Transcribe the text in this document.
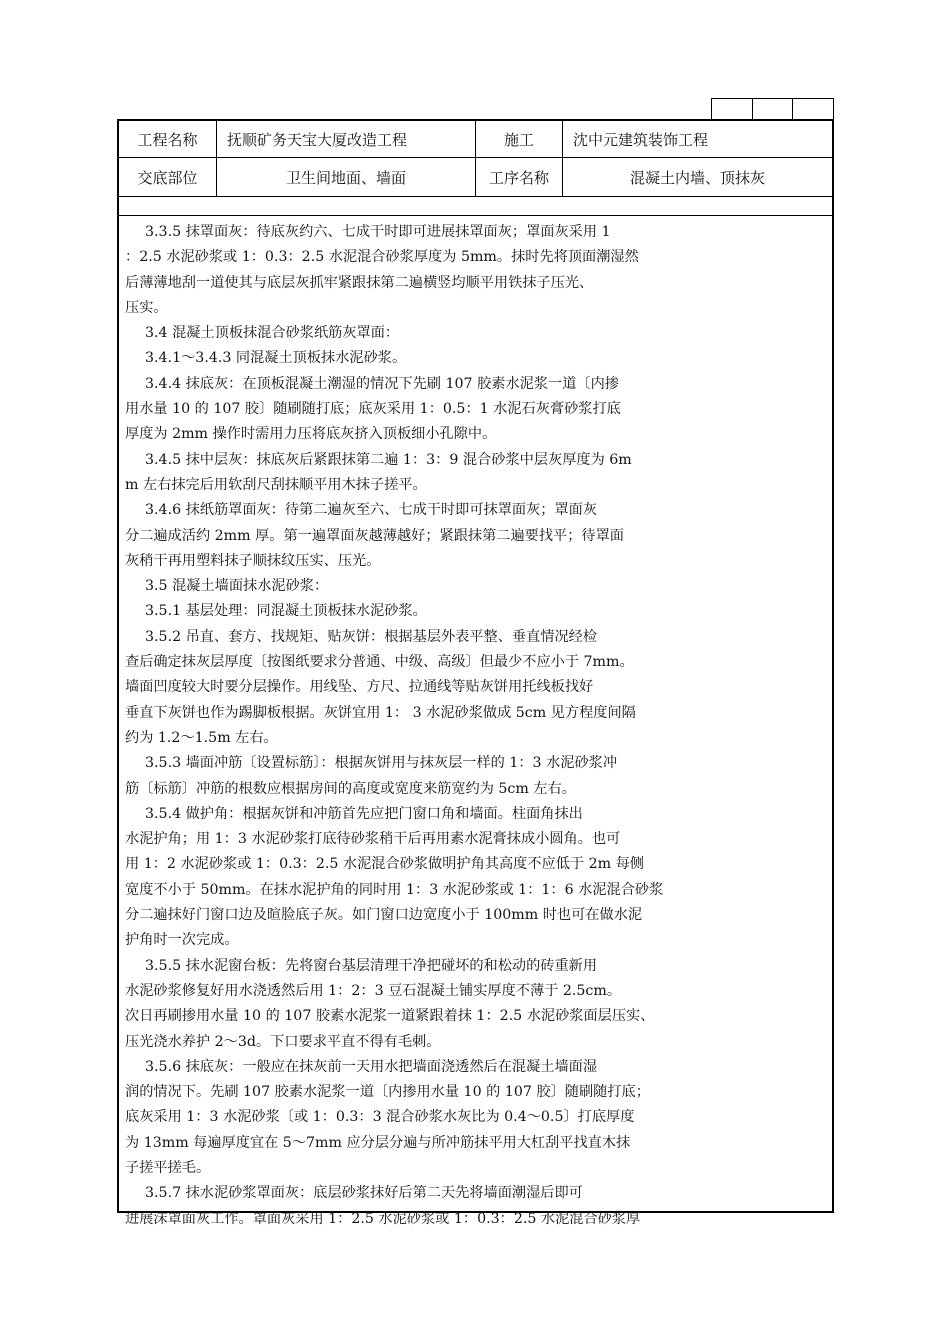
工程名称	抚顺矿务天宝大厦改造工程	施工	沈中元建筑装饰工程
交底部位	卫生间地面、墙面	工序名称	混凝土内墙、顶抹灰

3.3.5 抹罩面灰：待底灰约六、七成干时即可进展抹罩面灰；罩面灰采用 1

：2.5 水泥砂浆或 1：0.3：2.5 水泥混合砂浆厚度为 5mm。抹时先将顶面潮湿然

后薄薄地刮一道使其与底层灰抓牢紧跟抹第二遍横竖均顺平用铁抹子压光、

压实。

3.4 混凝土顶板抹混合砂浆纸筋灰罩面：

3.4.1～3.4.3 同混凝土顶板抹水泥砂浆。

3.4.4 抹底灰：在顶板混凝土潮湿的情况下先刷 107 胶素水泥浆一道〔内掺

用水量 10 的 107 胶〕随刷随打底；底灰采用 1：0.5：1 水泥石灰膏砂浆打底

厚度为 2mm 操作时需用力压将底灰挤入顶板细小孔隙中。

3.4.5 抹中层灰：抹底灰后紧跟抹第二遍 1：3：9 混合砂浆中层灰厚度为 6m

m 左右抹完后用软刮尺刮抹顺平用木抹子搓平。

3.4.6 抹纸筋罩面灰：待第二遍灰至六、七成干时即可抹罩面灰；罩面灰

分二遍成活约 2mm 厚。第一遍罩面灰越薄越好；紧跟抹第二遍要找平；待罩面

灰稍干再用塑料抹子顺抹纹压实、压光。

3.5 混凝土墙面抹水泥砂浆：

3.5.1 基层处理：同混凝土顶板抹水泥砂浆。

3.5.2 吊直、套方、找规矩、贴灰饼：根据基层外表平整、垂直情况经检

查后确定抹灰层厚度〔按图纸要求分普通、中级、高级〕但最少不应小于 7mm。

墙面凹度较大时要分层操作。用线坠、方尺、拉通线等贴灰饼用托线板找好

垂直下灰饼也作为踢脚板根据。灰饼宜用 1： 3 水泥砂浆做成 5cm 见方程度间隔

约为 1.2～1.5m 左右。

3.5.3 墙面冲筋〔设置标筋〕：根据灰饼用与抹灰层一样的 1：3 水泥砂浆冲

筋〔标筋〕冲筋的根数应根据房间的高度或宽度来筋宽约为 5cm 左右。

3.5.4 做护角：根据灰饼和冲筋首先应把门窗口角和墙面。柱面角抹出

水泥护角；用 1：3 水泥砂浆打底待砂浆稍干后再用素水泥膏抹成小圆角。也可

用 1：2 水泥砂浆或 1：0.3：2.5 水泥混合砂浆做明护角其高度不应低于 2m 每侧

宽度不小于 50mm。在抹水泥护角的同时用 1：3 水泥砂浆或 1：1：6 水泥混合砂浆

分二遍抹好门窗口边及暄脸底子灰。如门窗口边宽度小于 100mm 时也可在做水泥

护角时一次完成。

3.5.5 抹水泥窗台板：先将窗台基层清理干净把碰坏的和松动的砖重新用

水泥砂浆修复好用水浇透然后用 1：2：3 豆石混凝土铺实厚度不薄于 2.5cm。

次日再刷掺用水量 10 的 107 胶素水泥浆一道紧跟着抹 1：2.5 水泥砂浆面层压实、

压光浇水养护 2～3d。下口要求平直不得有毛刺。

3.5.6 抹底灰：一般应在抹灰前一天用水把墙面浇透然后在混凝土墙面湿

润的情况下。先刷 107 胶素水泥浆一道〔内掺用水量 10 的 107 胶〕随刷随打底；

底灰采用 1：3 水泥砂浆〔或 1：0.3：3 混合砂浆水灰比为 0.4～0.5〕打底厚度

为 13mm 每遍厚度宜在 5～7mm 应分层分遍与所冲筋抹平用大杠刮平找直木抹

子搓平搓毛。

3.5.7 抹水泥砂浆罩面灰：底层砂浆抹好后第二天先将墙面潮湿后即可

进展沫罩面灰工作。罩面灰采用 1：2.5 水泥砂浆或 1：0.3：2.5 水泥混合砂浆厚
